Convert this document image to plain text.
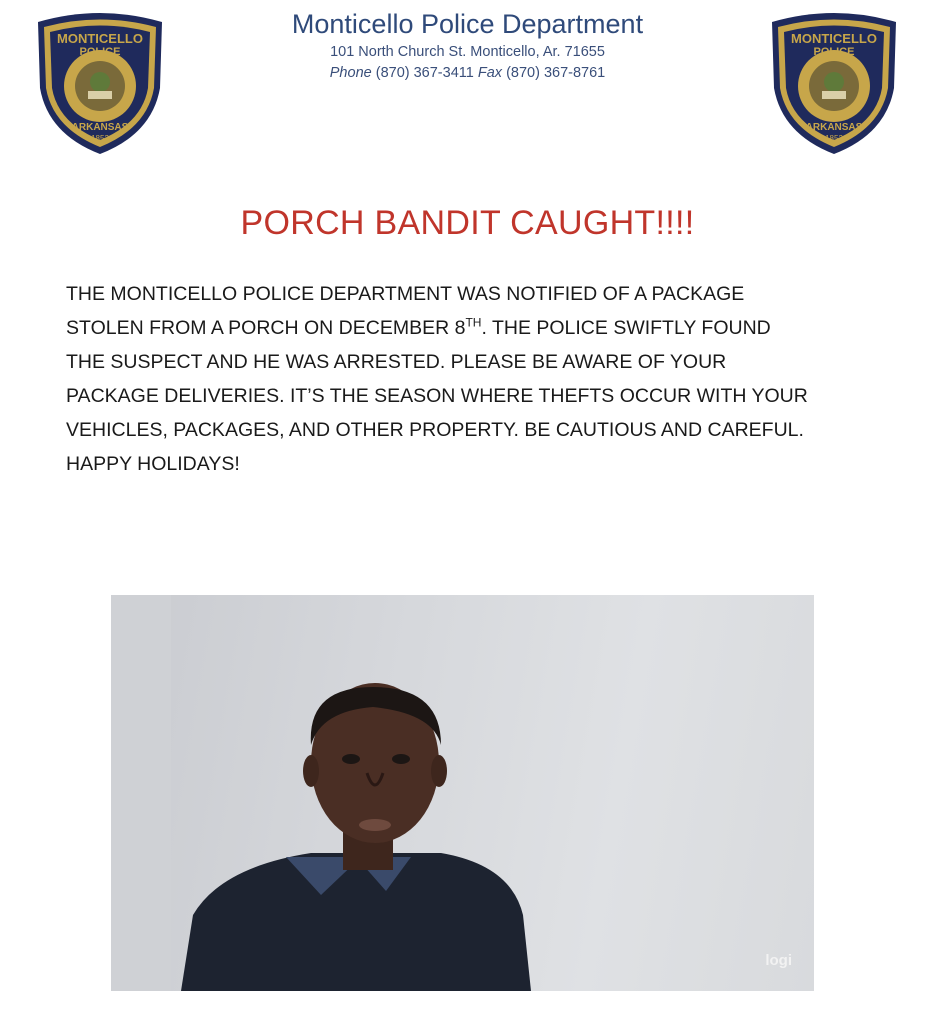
MONTICELLO
POLICE
ARKANSAS
1852
Monticello Police Department
101 North Church St. Monticello, Ar. 71655
Phone (870) 367-3411 Fax (870) 367-8761
MONTICELLO
POLICE
ARKANSAS
1852
PORCH BANDIT CAUGHT!!!!
THE MONTICELLO POLICE DEPARTMENT WAS NOTIFIED OF A PACKAGE
STOLEN FROM A PORCH ON DECEMBER 8TH. THE POLICE SWIFTLY FOUND
THE SUSPECT AND HE WAS ARRESTED. PLEASE BE AWARE OF YOUR
PACKAGE DELIVERIES. IT’S THE SEASON WHERE THEFTS OCCUR WITH YOUR
VEHICLES, PACKAGES, AND OTHER PROPERTY. BE CAUTIOUS AND CAREFUL.
HAPPY HOLIDAYS!
logi
